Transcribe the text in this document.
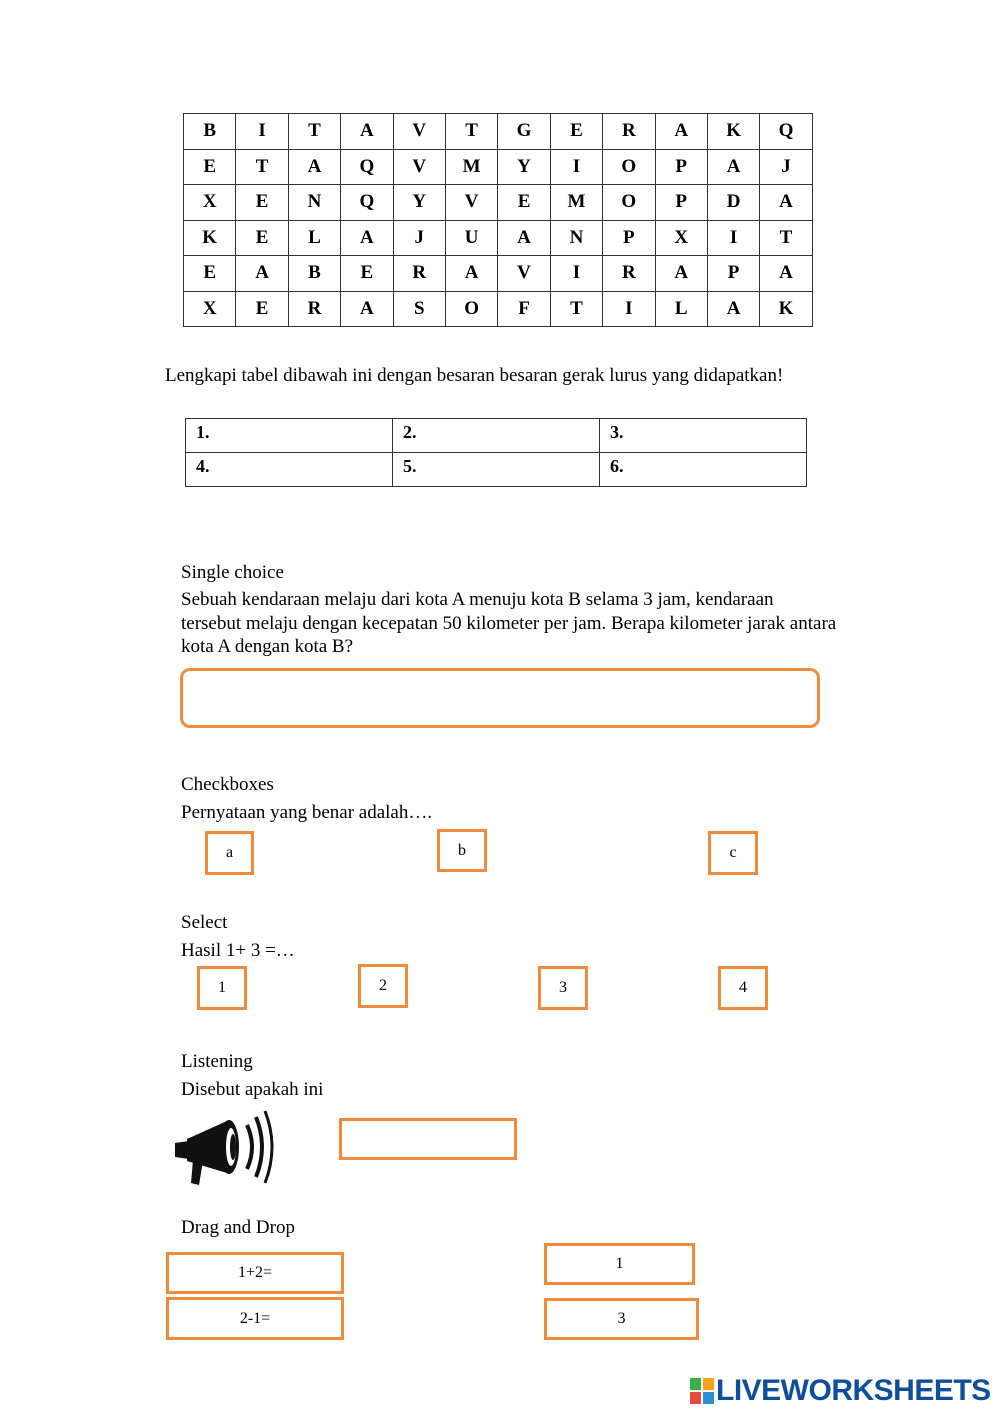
B	I	T	A	V	T	G	E	R	A	K	Q
E	T	A	Q	V	M	Y	I	O	P	A	J
X	E	N	Q	Y	V	E	M	O	P	D	A
K	E	L	A	J	U	A	N	P	X	I	T
E	A	B	E	R	A	V	I	R	A	P	A
X	E	R	A	S	O	F	T	I	L	A	K
Lengkapi tabel dibawah ini dengan besaran besaran gerak lurus yang didapatkan!
1.	2.	3.
4.	5.	6.
Single choice
Sebuah kendaraan melaju dari kota A menuju kota B selama 3 jam, kendaraan
tersebut melaju dengan kecepatan 50 kilometer per jam. Berapa kilometer jarak antara
kota A dengan kota B?
Checkboxes
Pernyataan yang benar adalah….
a	b	c
Select
Hasil 1+ 3 =…
1	2	3	4
Listening
Disebut apakah ini
Drag and Drop
1+2=
2-1=
1
3
LIVEWORKSHEETS
